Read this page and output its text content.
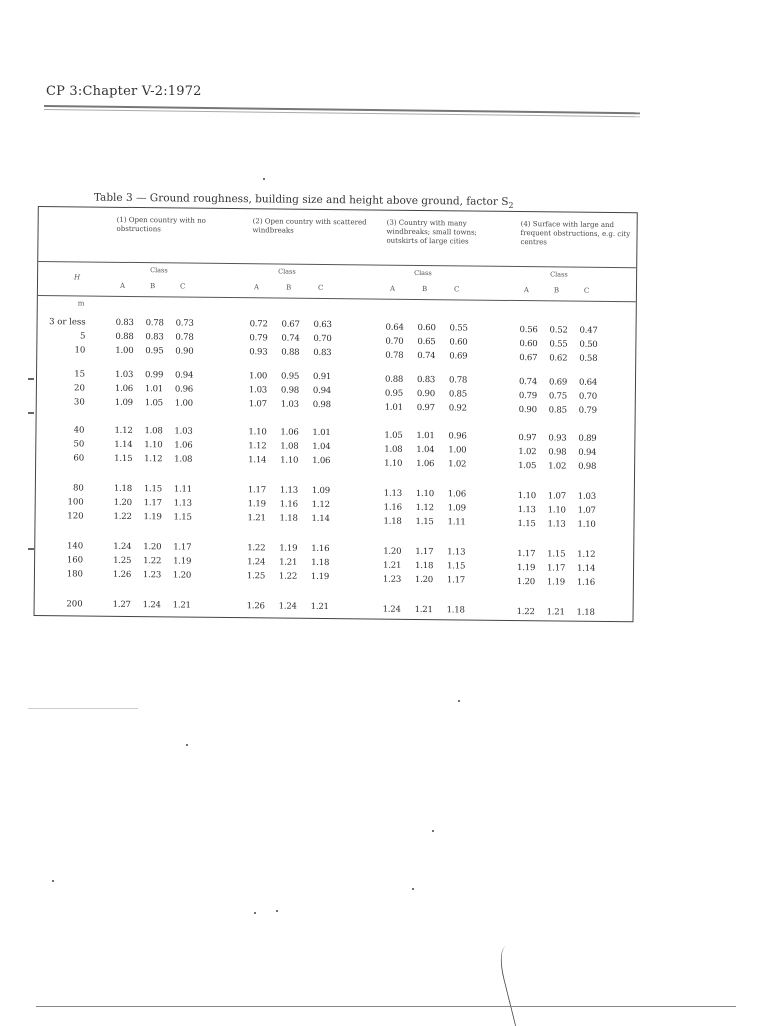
CP 3:Chapter V-2:1972
Table 3 — Ground roughness, building size and height above ground, factor $S_2$
(1) Open country with no obstructions
(2) Open country with scattered windbreaks
(3) Country with many windbreaks; small towns; outskirts of large cities
(4) Surface with large and frequent obstructions, e.g. city centres
H
Class	Class	Class	Class
A	B	C	A	B	C	A	B	C	A	B	C
m
3 or less	0.83	0.78	0.73	0.72	0.67	0.63	0.64	0.60	0.55	0.56	0.52	0.47
5	0.88	0.83	0.78	0.79	0.74	0.70	0.70	0.65	0.60	0.60	0.55	0.50
10	1.00	0.95	0.90	0.93	0.88	0.83	0.78	0.74	0.69	0.67	0.62	0.58
15	1.03	0.99	0.94	1.00	0.95	0.91	0.88	0.83	0.78	0.74	0.69	0.64
20	1.06	1.01	0.96	1.03	0.98	0.94	0.95	0.90	0.85	0.79	0.75	0.70
30	1.09	1.05	1.00	1.07	1.03	0.98	1.01	0.97	0.92	0.90	0.85	0.79
40	1.12	1.08	1.03	1.10	1.06	1.01	1.05	1.01	0.96	0.97	0.93	0.89
50	1.14	1.10	1.06	1.12	1.08	1.04	1.08	1.04	1.00	1.02	0.98	0.94
60	1.15	1.12	1.08	1.14	1.10	1.06	1.10	1.06	1.02	1.05	1.02	0.98
80	1.18	1.15	1.11	1.17	1.13	1.09	1.13	1.10	1.06	1.10	1.07	1.03
100	1.20	1.17	1.13	1.19	1.16	1.12	1.16	1.12	1.09	1.13	1.10	1.07
120	1.22	1.19	1.15	1.21	1.18	1.14	1.18	1.15	1.11	1.15	1.13	1.10
140	1.24	1.20	1.17	1.22	1.19	1.16	1.20	1.17	1.13	1.17	1.15	1.12
160	1.25	1.22	1.19	1.24	1.21	1.18	1.21	1.18	1.15	1.19	1.17	1.14
180	1.26	1.23	1.20	1.25	1.22	1.19	1.23	1.20	1.17	1.20	1.19	1.16
200	1.27	1.24	1.21	1.26	1.24	1.21	1.24	1.21	1.18	1.22	1.21	1.18
